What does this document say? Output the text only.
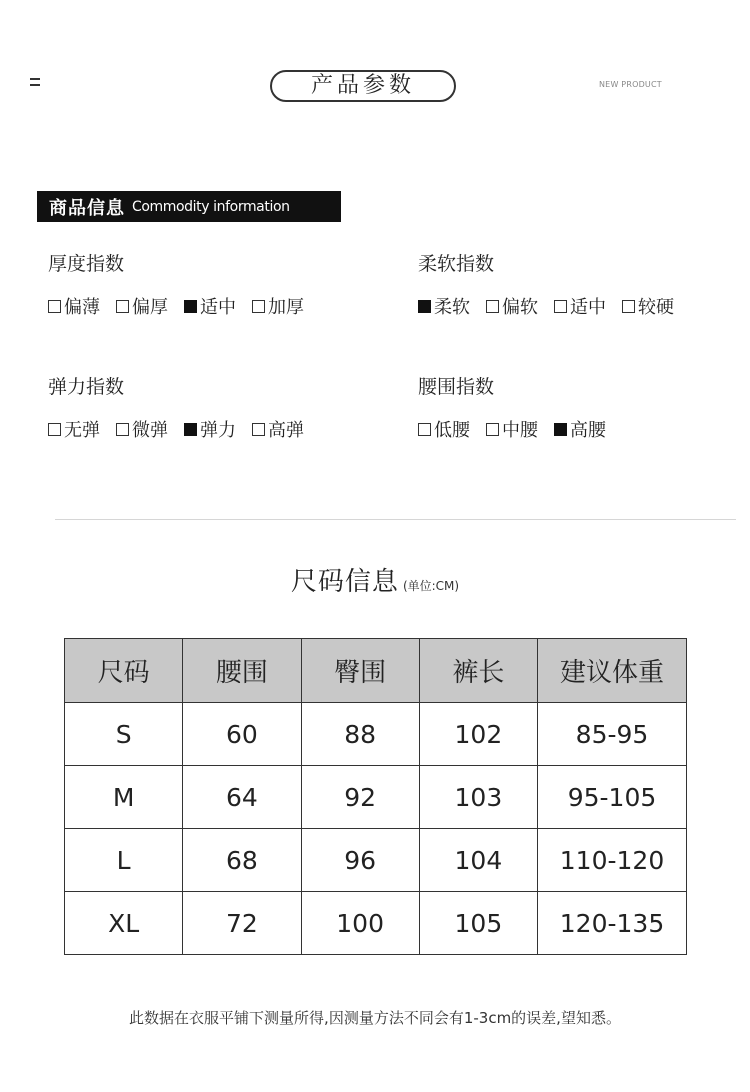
产品参数	NEW PRODUCT
商品信息 Commodity information
厚度指数
偏薄 偏厚 适中 加厚
柔软指数
柔软 偏软 适中 较硬
弹力指数
无弹 微弹 弹力 高弹
腰围指数
低腰 中腰 高腰
尺码信息 (单位:CM)
尺码	腰围	臀围	裤长	建议体重
S	60	88	102	85-95
M	64	92	103	95-105
L	68	96	104	110-120
XL	72	100	105	120-135
此数据在衣服平铺下测量所得,因测量方法不同会有1-3cm的误差,望知悉。
